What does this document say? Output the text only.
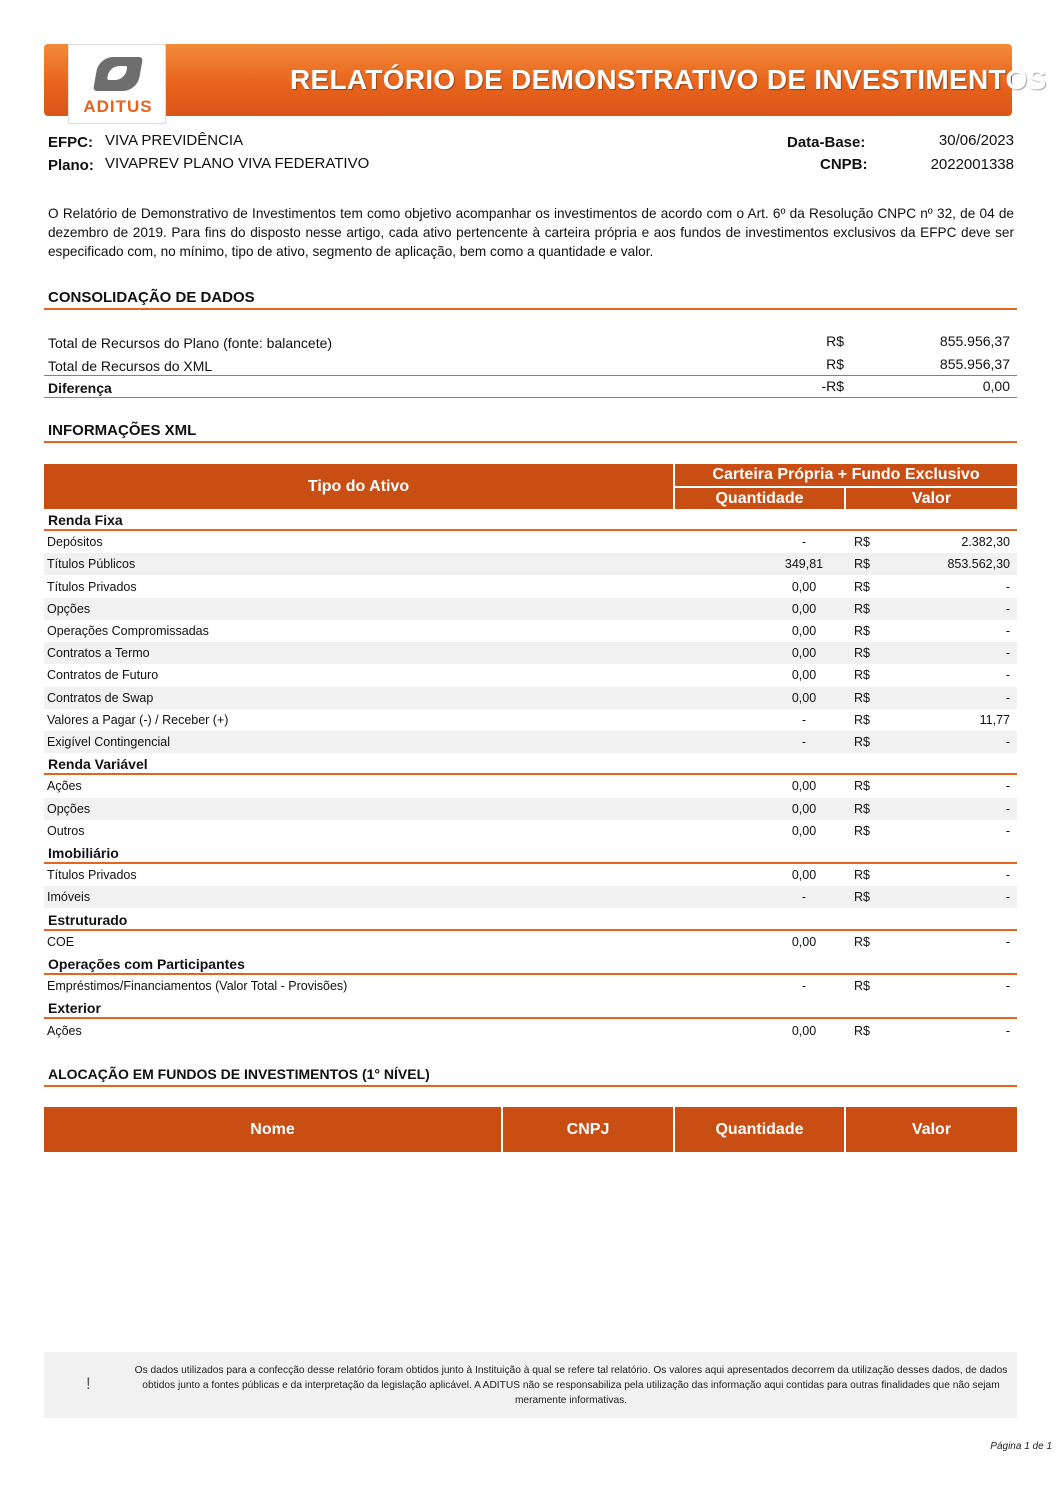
ADITUS
RELATÓRIO DE DEMONSTRATIVO DE INVESTIMENTOS
EFPC: VIVA PREVIDÊNCIA
Plano: VIVAPREV PLANO VIVA FEDERATIVO
Data-Base:	30/06/2023
CNPB:	2022001338
O Relatório de Demonstrativo de Investimentos tem como objetivo acompanhar os investimentos de acordo com o Art. 6º da Resolução CNPC nº 32, de 04 de dezembro de 2019. Para fins do disposto nesse artigo, cada ativo pertencente à carteira própria e aos fundos de investimentos exclusivos da EFPC deve ser especificado com, no mínimo, tipo de ativo, segmento de aplicação, bem como a quantidade e valor.
CONSOLIDAÇÃO DE DADOS
Total de Recursos do Plano (fonte: balancete)	R$	855.956,37
Total de Recursos do XML	R$	855.956,37
Diferença	-R$	0,00
INFORMAÇÕES XML
Tipo do Ativo
Carteira Própria + Fundo Exclusivo
Quantidade	Valor
Renda Fixa
Depósitos	-	R$	2.382,30
Títulos Públicos	349,81	R$	853.562,30
Títulos Privados	0,00	R$	-
Opções	0,00	R$	-
Operações Compromissadas	0,00	R$	-
Contratos a Termo	0,00	R$	-
Contratos de Futuro	0,00	R$	-
Contratos de Swap	0,00	R$	-
Valores a Pagar (-) / Receber (+)	-	R$	11,77
Exigível Contingencial	-	R$	-
Renda Variável
Ações	0,00	R$	-
Opções	0,00	R$	-
Outros	0,00	R$	-
Imobiliário
Títulos Privados	0,00	R$	-
Imóveis	-	R$	-
Estruturado
COE	0,00	R$	-
Operações com Participantes
Empréstimos/Financiamentos (Valor Total - Provisões)	-	R$	-
Exterior
Ações	0,00	R$	-
ALOCAÇÃO EM FUNDOS DE INVESTIMENTOS (1° NÍVEL)
Nome	CNPJ	Quantidade	Valor
!
Os dados utilizados para a confecção desse relatório foram obtidos junto à Instituição à qual se refere tal relatório. Os valores aqui apresentados decorrem da utilização desses dados, de dados obtidos junto a fontes públicas e da interpretação da legislação aplicável. A ADITUS não se responsabiliza pela utilização das informação aqui contidas para outras finalidades que não sejam meramente informativas.
Página 1 de 1
